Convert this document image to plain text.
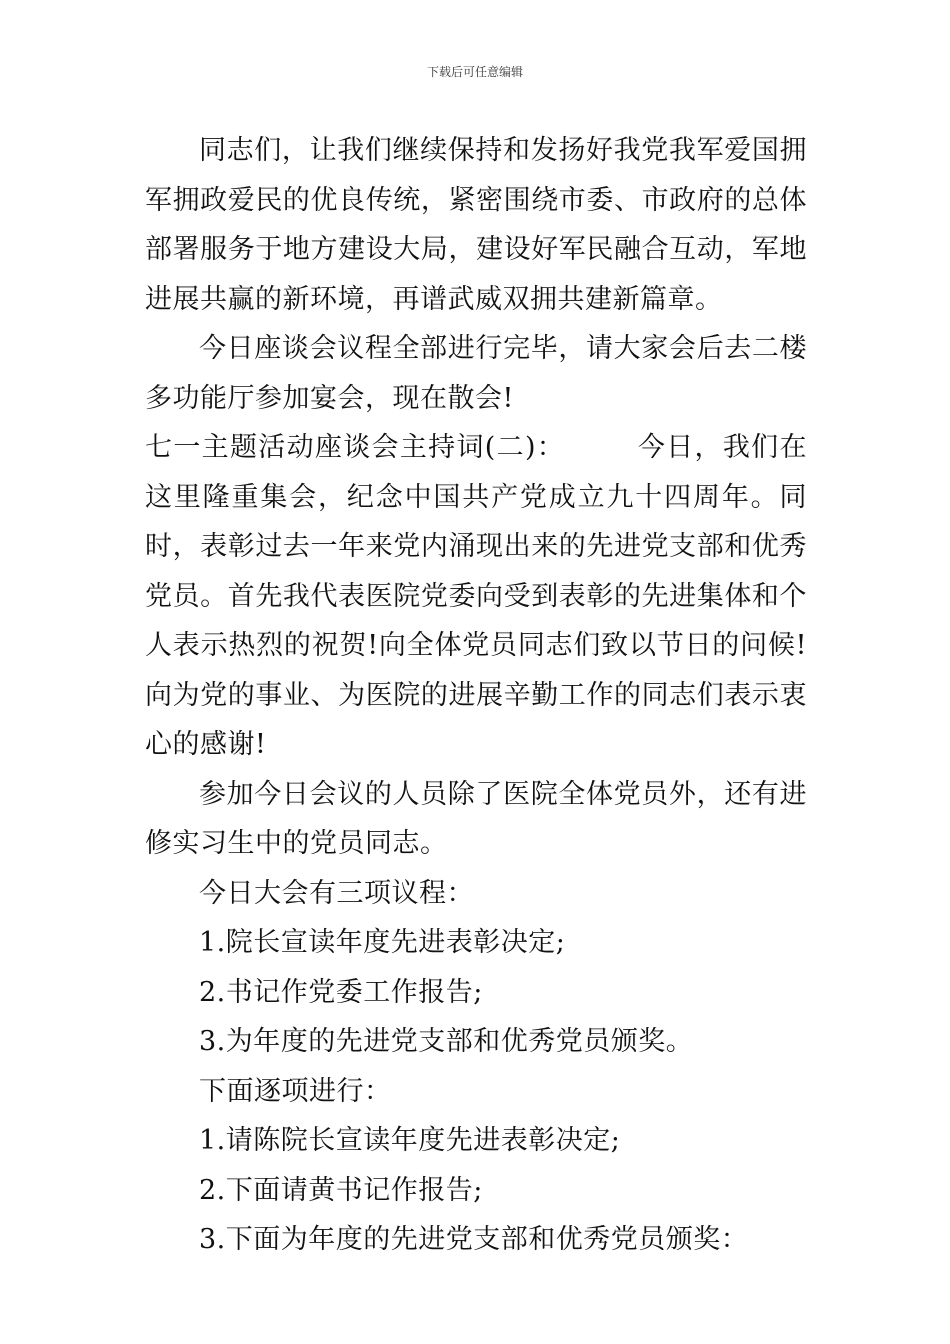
下载后可任意编辑

同志们，让我们继续保持和发扬好我党我军爱国拥军拥政爱民的优良传统，紧密围绕市委、市政府的总体部署服务于地方建设大局，建设好军民融合互动，军地进展共赢的新环境，再谱武威双拥共建新篇章。

今日座谈会议程全部进行完毕，请大家会后去二楼多功能厅参加宴会，现在散会!

七一主题活动座谈会主持词(二)：	今日，我们在这里隆重集会，纪念中国共产党成立九十四周年。同时，表彰过去一年来党内涌现出来的先进党支部和优秀党员。首先我代表医院党委向受到表彰的先进集体和个人表示热烈的祝贺!向全体党员同志们致以节日的问候!向为党的事业、为医院的进展辛勤工作的同志们表示衷心的感谢!

参加今日会议的人员除了医院全体党员外，还有进修实习生中的党员同志。

今日大会有三项议程：

1.院长宣读年度先进表彰决定;

2.书记作党委工作报告;

3.为年度的先进党支部和优秀党员颁奖。

下面逐项进行：

1.请陈院长宣读年度先进表彰决定;

2.下面请黄书记作报告;

3.下面为年度的先进党支部和优秀党员颁奖：
